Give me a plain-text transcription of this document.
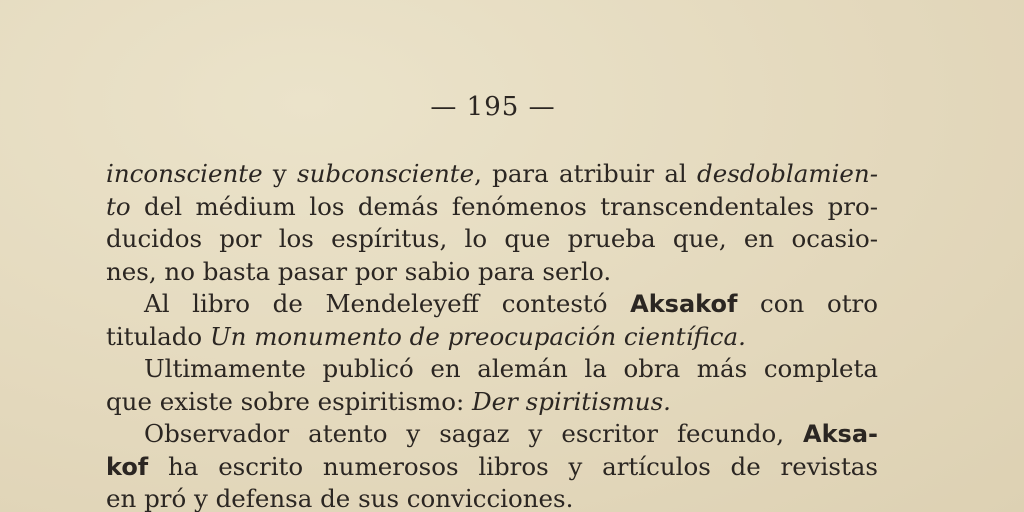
— 195 —
inconsciente y subconsciente, para atribuir al desdoblamien-
to del médium los demás fenómenos transcendentales pro-
ducidos por los espíritus, lo que prueba que, en ocasio-
nes, no basta pasar por sabio para serlo.
Al libro de Mendeleyeff contestó Aksakof con otro
titulado Un monumento de preocupación científica.
Ultimamente publicó en alemán la obra más completa
que existe sobre espiritismo: Der spiritismus.
Observador atento y sagaz y escritor fecundo, Aksa-
kof ha escrito numerosos libros y artículos de revistas
en pró y defensa de sus convicciones.
